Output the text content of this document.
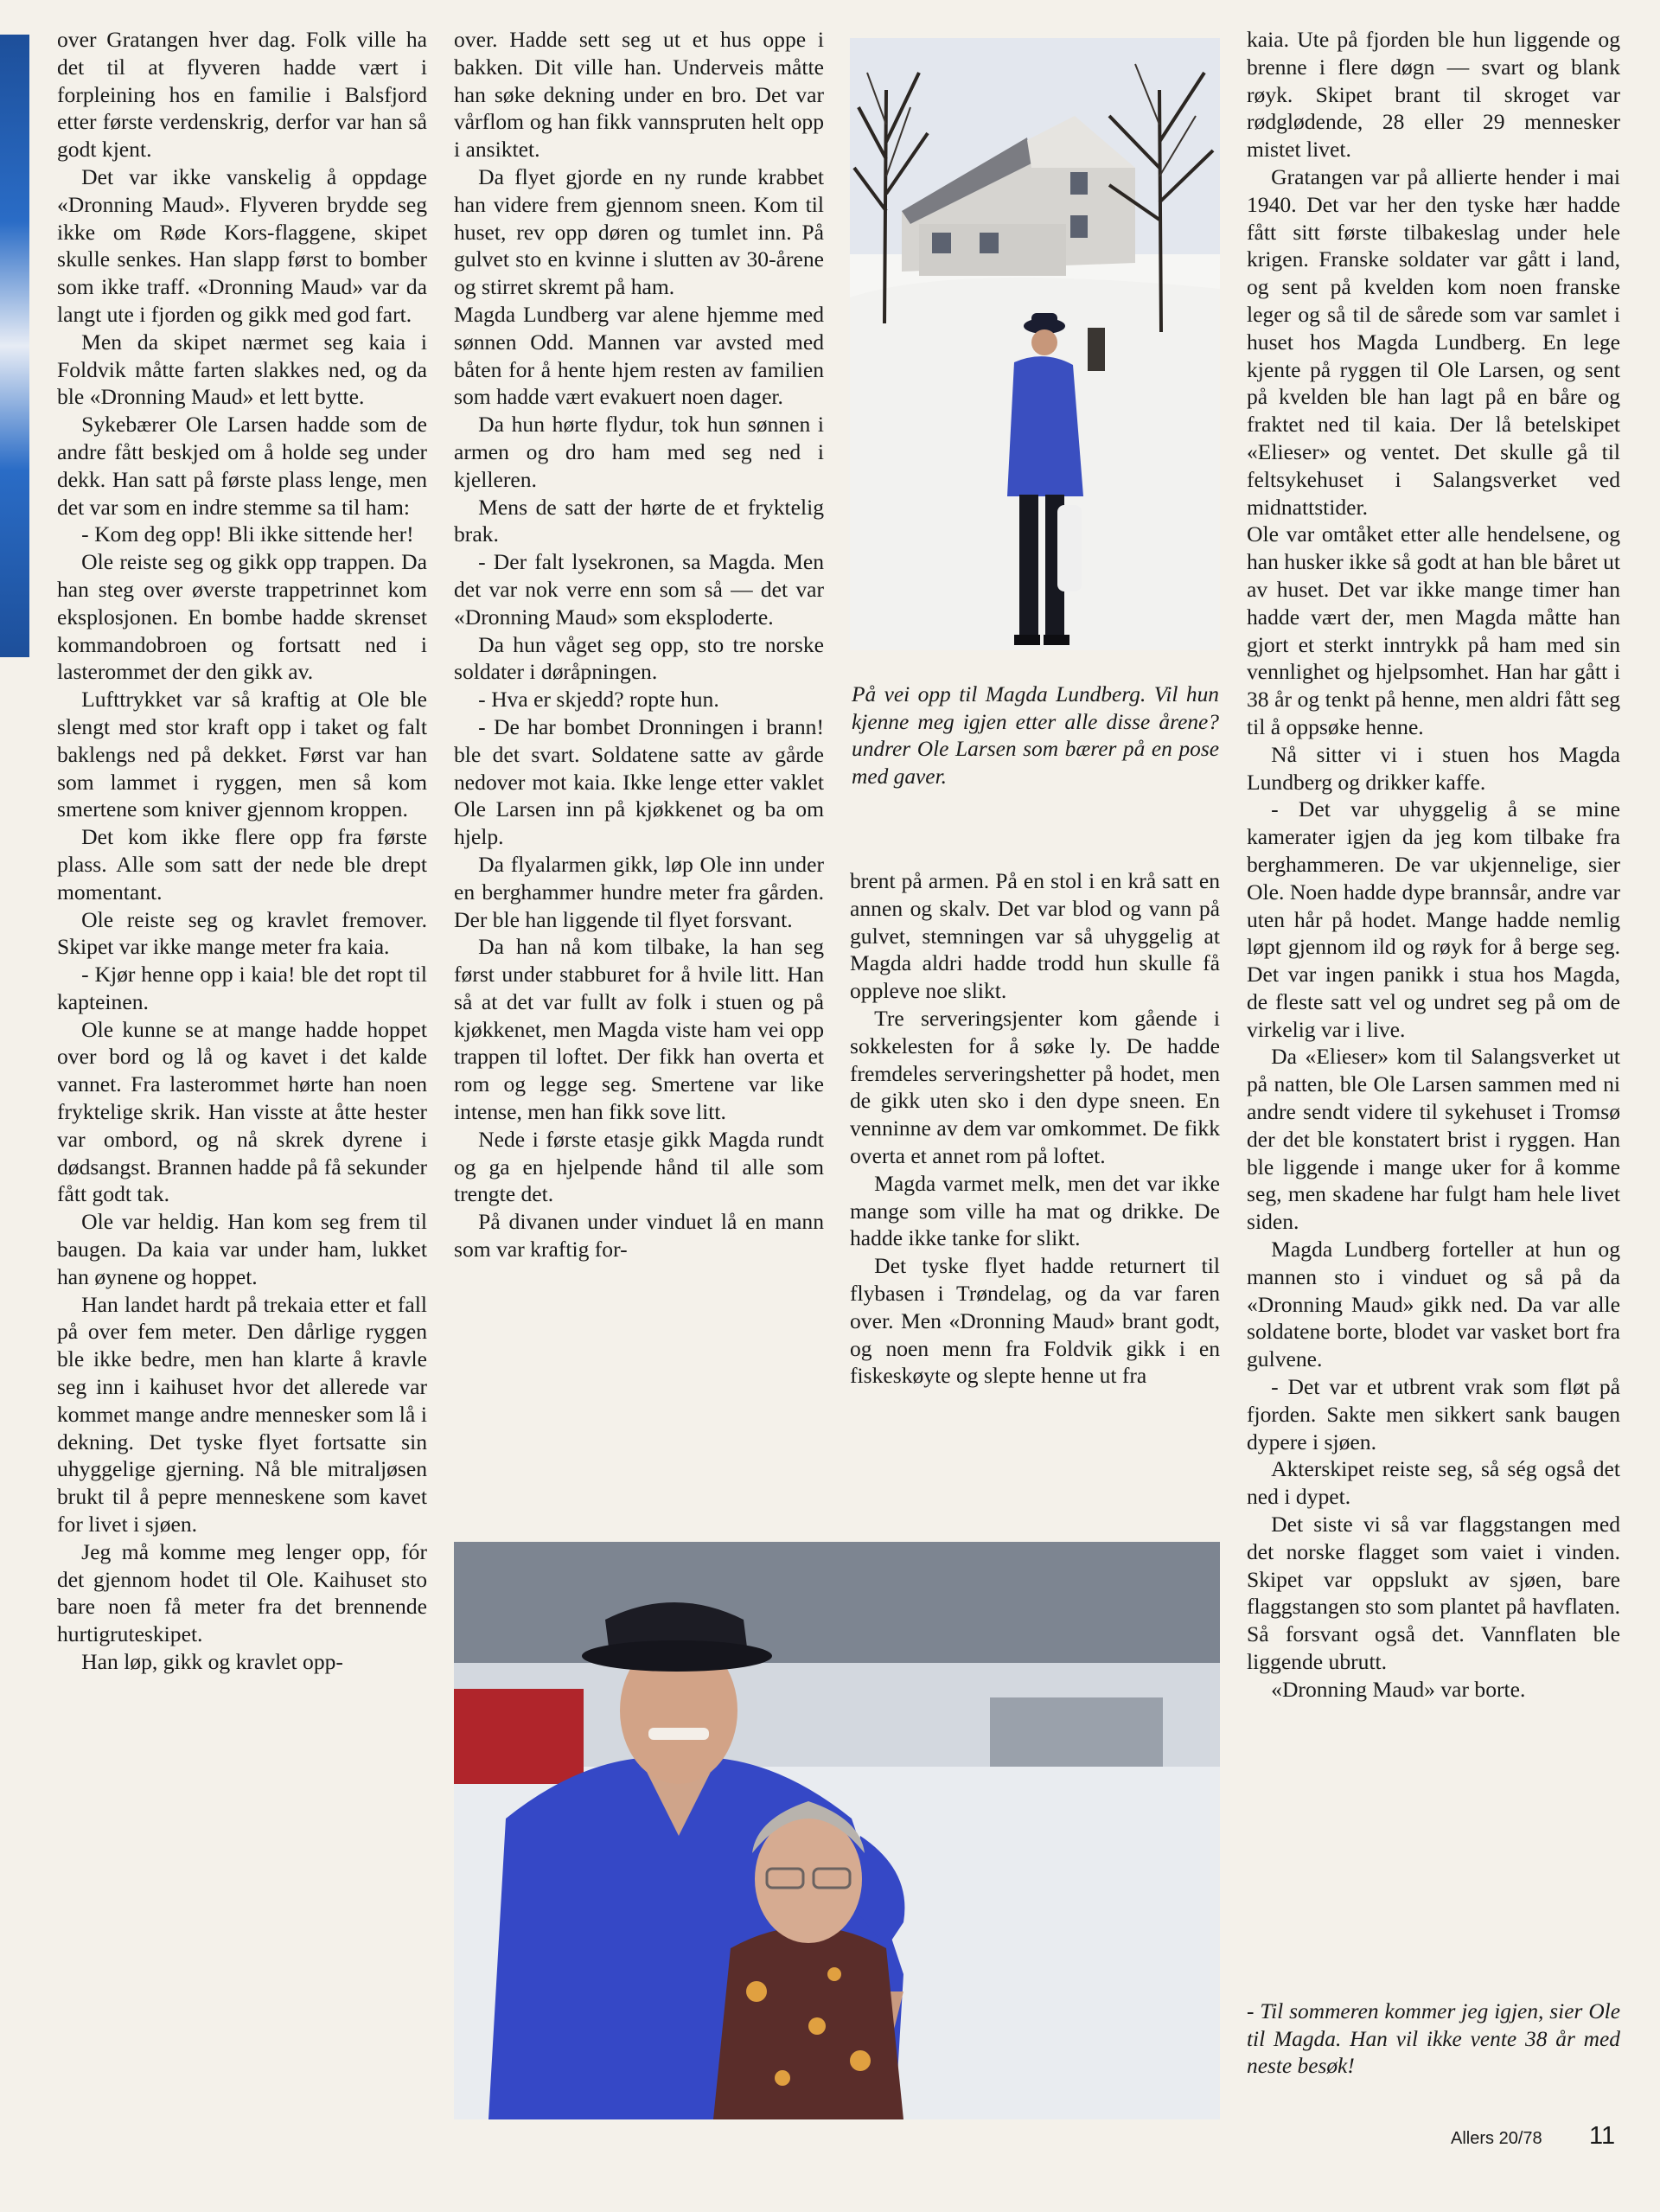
over Gratangen hver dag. Folk ville ha det til at flyveren hadde vært i forpleining hos en familie i Balsfjord etter første verdenskrig, derfor var han så godt kjent.

Det var ikke vanskelig å oppdage «Dronning Maud». Flyveren brydde seg ikke om Røde Kors-flaggene, skipet skulle senkes. Han slapp først to bomber som ikke traff. «Dronning Maud» var da langt ute i fjorden og gikk med god fart.

Men da skipet nærmet seg kaia i Foldvik måtte farten slakkes ned, og da ble «Dronning Maud» et lett bytte.

Sykebærer Ole Larsen hadde som de andre fått beskjed om å holde seg under dekk. Han satt på første plass lenge, men det var som en indre stemme sa til ham:

- Kom deg opp! Bli ikke sittende her!

Ole reiste seg og gikk opp trappen. Da han steg over øverste trappetrinnet kom eksplosjonen. En bombe hadde skrenset kommandobroen og fortsatt ned i lasterommet der den gikk av.

Lufttrykket var så kraftig at Ole ble slengt med stor kraft opp i taket og falt baklengs ned på dekket. Først var han som lammet i ryggen, men så kom smertene som kniver gjennom kroppen.

Det kom ikke flere opp fra første plass. Alle som satt der nede ble drept momentant.

Ole reiste seg og kravlet fremover. Skipet var ikke mange meter fra kaia.

- Kjør henne opp i kaia! ble det ropt til kapteinen.

Ole kunne se at mange hadde hoppet over bord og lå og kavet i det kalde vannet. Fra lasterommet hørte han noen fryktelige skrik. Han visste at åtte hester var ombord, og nå skrek dyrene i dødsangst. Brannen hadde på få sekunder fått godt tak.

Ole var heldig. Han kom seg frem til baugen. Da kaia var under ham, lukket han øynene og hoppet.

Han landet hardt på trekaia etter et fall på over fem meter. Den dårlige ryggen ble ikke bedre, men han klarte å kravle seg inn i kaihuset hvor det allerede var kommet mange andre mennesker som lå i dekning. Det tyske flyet fortsatte sin uhyggelige gjerning. Nå ble mitraljøsen brukt til å pepre menneskene som kavet for livet i sjøen.

Jeg må komme meg lenger opp, fór det gjennom hodet til Ole. Kaihuset sto bare noen få meter fra det brennende hurtigruteskipet.

Han løp, gikk og kravlet opp-

over. Hadde sett seg ut et hus oppe i bakken. Dit ville han. Underveis måtte han søke dekning under en bro. Det var vårflom og han fikk vannspruten helt opp i ansiktet.

Da flyet gjorde en ny runde krabbet han videre frem gjennom sneen. Kom til huset, rev opp døren og tumlet inn. På gulvet sto en kvinne i slutten av 30-årene og stirret skremt på ham.

Magda Lundberg var alene hjemme med sønnen Odd. Mannen var avsted med båten for å hente hjem resten av familien som hadde vært evakuert noen dager.

Da hun hørte flydur, tok hun sønnen i armen og dro ham med seg ned i kjelleren.

Mens de satt der hørte de et fryktelig brak.

- Der falt lysekronen, sa Magda. Men det var nok verre enn som så — det var «Dronning Maud» som eksploderte.

Da hun våget seg opp, sto tre norske soldater i døråpningen.

- Hva er skjedd? ropte hun.

- De har bombet Dronningen i brann! ble det svart. Soldatene satte av gårde nedover mot kaia. Ikke lenge etter vaklet Ole Larsen inn på kjøkkenet og ba om hjelp.

Da flyalarmen gikk, løp Ole inn under en berghammer hundre meter fra gården. Der ble han liggende til flyet forsvant.

Da han nå kom tilbake, la han seg først under stabburet for å hvile litt. Han så at det var fullt av folk i stuen og på kjøkkenet, men Magda viste ham vei opp trappen til loftet. Der fikk han overta et rom og legge seg. Smertene var like intense, men han fikk sove litt.

Nede i første etasje gikk Magda rundt og ga en hjelpende hånd til alle som trengte det.

På divanen under vinduet lå en mann som var kraftig for-

brent på armen. På en stol i en krå satt en annen og skalv. Det var blod og vann på gulvet, stemningen var så uhyggelig at Magda aldri hadde trodd hun skulle få oppleve noe slikt.

Tre serveringsjenter kom gående i sokkelesten for å søke ly. De hadde fremdeles serveringshetter på hodet, men de gikk uten sko i den dype sneen. En venninne av dem var omkommet. De fikk overta et annet rom på loftet.

Magda varmet melk, men det var ikke mange som ville ha mat og drikke. De hadde ikke tanke for slikt.

Det tyske flyet hadde returnert til flybasen i Trøndelag, og da var faren over. Men «Dronning Maud» brant godt, og noen menn fra Foldvik gikk i en fiskeskøyte og slepte henne ut fra

kaia. Ute på fjorden ble hun liggende og brenne i flere døgn — svart og blank røyk. Skipet brant til skroget var rødglødende, 28 eller 29 mennesker mistet livet.

Gratangen var på allierte hender i mai 1940. Det var her den tyske hær hadde fått sitt første tilbakeslag under hele krigen. Franske soldater var gått i land, og sent på kvelden kom noen franske leger og så til de sårede som var samlet i huset hos Magda Lundberg. En lege kjente på ryggen til Ole Larsen, og sent på kvelden ble han lagt på en båre og fraktet ned til kaia. Der lå betelskipet «Elieser» og ventet. Det skulle gå til feltsykehuset i Salangsverket ved midnattstider.

Ole var omtåket etter alle hendelsene, og han husker ikke så godt at han ble båret ut av huset. Det var ikke mange timer han hadde vært der, men Magda måtte han gjort et sterkt inntrykk på ham med sin vennlighet og hjelpsomhet. Han har gått i 38 år og tenkt på henne, men aldri fått seg til å oppsøke henne.

Nå sitter vi i stuen hos Magda Lundberg og drikker kaffe.

- Det var uhyggelig å se mine kamerater igjen da jeg kom tilbake fra berghammeren. De var ukjennelige, sier Ole. Noen hadde dype brannsår, andre var uten hår på hodet. Mange hadde nemlig løpt gjennom ild og røyk for å berge seg. Det var ingen panikk i stua hos Magda, de fleste satt vel og undret seg på om de virkelig var i live.

Da «Elieser» kom til Salangsverket ut på natten, ble Ole Larsen sammen med ni andre sendt videre til sykehuset i Tromsø der det ble konstatert brist i ryggen. Han ble liggende i mange uker for å komme seg, men skadene har fulgt ham hele livet siden.

Magda Lundberg forteller at hun og mannen sto i vinduet og så på da «Dronning Maud» gikk ned. Da var alle soldatene borte, blodet var vasket bort fra gulvene.

- Det var et utbrent vrak som fløt på fjorden. Sakte men sikkert sank baugen dypere i sjøen.

Akterskipet reiste seg, så ség også det ned i dypet.

Det siste vi så var flaggstangen med det norske flagget som vaiet i vinden. Skipet var oppslukt av sjøen, bare flaggstangen sto som plantet på havflaten. Så forsvant også det. Vannflaten ble liggende ubrutt.

«Dronning Maud» var borte.

På vei opp til Magda Lundberg. Vil hun kjenne meg igjen etter alle disse årene? undrer Ole Larsen som bærer på en pose med gaver.
- Til sommeren kommer jeg igjen, sier Ole til Magda. Han vil ikke vente 38 år med neste besøk!
Allers 20/78 11
